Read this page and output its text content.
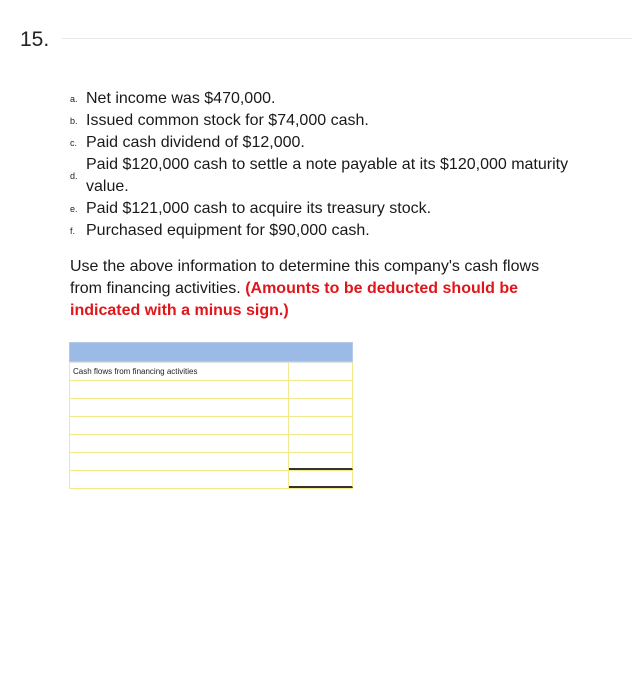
15.
a. Net income was $470,000.
b. Issued common stock for $74,000 cash.
c. Paid cash dividend of $12,000.
d.
Paid $120,000 cash to settle a note payable at its $120,000 maturity value.
e. Paid $121,000 cash to acquire its treasury stock.
f. Purchased equipment for $90,000 cash.
Use the above information to determine this company's cash flows from financing activities. (Amounts to be deducted should be indicated with a minus sign.)
Cash flows from financing activities
